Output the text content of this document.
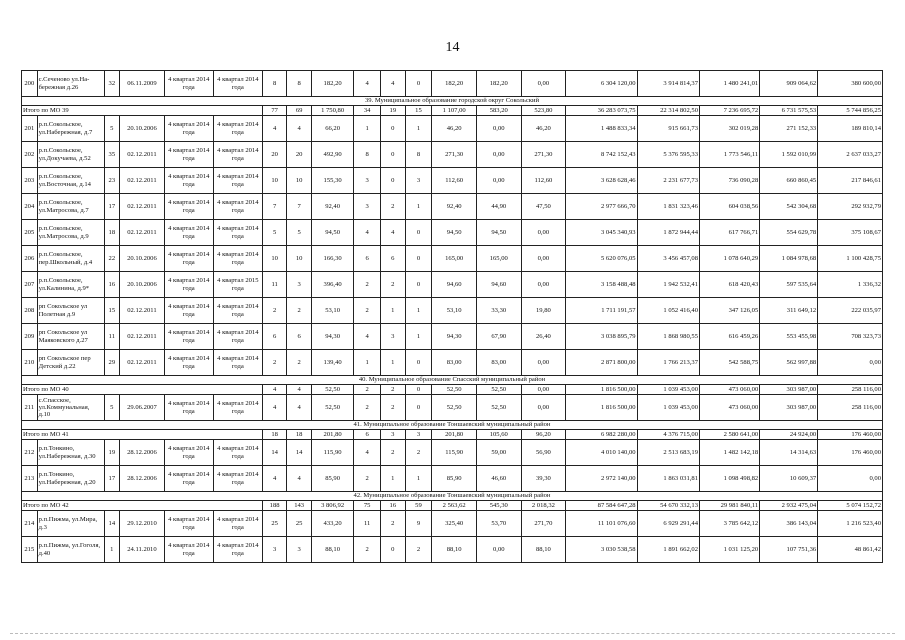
14
200	с.Сеченово ул.На-бережная д.26	32	06.11.2009	4 квартал 2014 года	4 квартал 2014 года	8	8	182,20	4	4	0	182,20	182,20	0,00	6 304 120,00	3 914 814,37	1 480 241,01	909 064,62	380 600,00
39. Муниципальное образование городской округ Сокольский																			
Итого по МО 39						77	69	1 750,80	34	19	15	1 107,00	583,20	523,80	36 283 073,75	22 314 802,50	7 236 695,72	6 731 575,53	5 744 856,25
201	р.п.Сокольское, ул.Набережная, д.7	5	20.10.2006	4 квартал 2014 года	4 квартал 2014 года	4	4	66,20	1	0	1	46,20	0,00	46,20	1 488 833,34	915 661,73	302 019,28	271 152,33	189 810,14
202	р.п.Сокольское, ул.Докучаева, д.52	35	02.12.2011	4 квартал 2014 года	4 квартал 2014 года	20	20	492,90	8	0	8	271,30	0,00	271,30	8 742 152,43	5 376 595,33	1 773 546,11	1 592 010,99	2 637 033,27
203	р.п.Сокольское, ул.Восточная, д.14	23	02.12.2011	4 квартал 2014 года	4 квартал 2014 года	10	10	155,30	3	0	3	112,60	0,00	112,60	3 628 628,46	2 231 677,73	736 090,28	660 860,45	217 846,61
204	р.п.Сокольское, ул.Матросова, д.7	17	02.12.2011	4 квартал 2014 года	4 квартал 2014 года	7	7	92,40	3	2	1	92,40	44,90	47,50	2 977 666,70	1 831 323,46	604 038,56	542 304,68	292 932,79
205	р.п.Сокольское, ул.Матросова, д.9	18	02.12.2011	4 квартал 2014 года	4 квартал 2014 года	5	5	94,50	4	4	0	94,50	94,50	0,00	3 045 340,93	1 872 944,44	617 766,71	554 629,78	375 108,67
206	р.п.Сокольское, пер.Школьный, д.4	22	20.10.2006	4 квартал 2014 года	4 квартал 2014 года	10	10	166,30	6	6	0	165,00	165,00	0,00	5 620 076,05	3 456 457,08	1 078 640,29	1 084 978,68	1 100 428,75
207	р.п.Сокольское, ул.Калинина, д.9*	16	20.10.2006	4 квартал 2014 года	4 квартал 2015 года	11	3	396,40	2	2	0	94,60	94,60	0,00	3 158 488,48	1 942 532,41	618 420,43	597 535,64	1 336,32
208	рп Сокольское ул Полетная д.9	15	02.12.2011	4 квартал 2014 года	4 квартал 2014 года	2	2	53,10	2	1	1	53,10	33,30	19,80	1 711 191,57	1 052 416,40	347 126,05	311 649,12	222 035,97
209	рп Сокольское ул Маяковского д.27	11	02.12.2011	4 квартал 2014 года	4 квартал 2014 года	6	6	94,30	4	3	1	94,30	67,90	26,40	3 038 895,79	1 868 980,55	616 459,26	553 455,98	708 323,73
210	рп Сокольское пер Детский д.22	29	02.12.2011	4 квартал 2014 года	4 квартал 2014 года	2	2	139,40	1	1	0	83,00	83,00	0,00	2 871 800,00	1 766 213,37	542 588,75	562 997,88	0,00
40. Муниципальное образование Спасский муниципальный район																			
Итого по МО 40						4	4	52,50	2	2	0	52,50	52,50	0,00	1 816 500,00	1 039 453,00	473 060,00	303 987,00	258 116,00
211	с.Спасское, ул.Коммунальная, д.10	5	29.06.2007	4 квартал 2014 года	4 квартал 2014 года	4	4	52,50	2	2	0	52,50	52,50	0,00	1 816 500,00	1 039 453,00	473 060,00	303 987,00	258 116,00
41. Муниципальное образование Тоншаевский муниципальный район																			
Итого по МО 41						18	18	201,80	6	3	3	201,80	105,60	96,20	6 982 280,00	4 376 715,00	2 580 641,00	24 924,00	176 460,00
212	р.п.Тонкино, ул.Набережная, д.30	19	28.12.2006	4 квартал 2014 года	4 квартал 2014 года	14	14	115,90	4	2	2	115,90	59,00	56,90	4 010 140,00	2 513 683,19	1 482 142,18	14 314,63	176 460,00
213	р.п.Тонкино, ул.Набережная, д.20	17	28.12.2006	4 квартал 2014 года	4 квартал 2014 года	4	4	85,90	2	1	1	85,90	46,60	39,30	2 972 140,00	1 863 031,81	1 098 498,82	10 609,37	0,00
42. Муниципальное образование Тоншаевский муниципальный район																			
Итого по МО 42						188	143	3 806,92	75	16	59	2 563,62	545,30	2 018,32	87 584 647,28	54 670 332,13	29 981 840,11	2 932 475,04	5 074 152,72
214	р.п.Пижма, ул.Мира, д.3	14	29.12.2010	4 квартал 2014 года	4 квартал 2014 года	25	25	433,20	11	2	9	325,40	53,70	271,70	11 101 076,60	6 929 291,44	3 785 642,12	386 143,04	1 216 523,40
215	р.п.Пижма, ул.Гоголя, д.40	1	24.11.2010	4 квартал 2014 года	4 квартал 2014 года	3	3	88,10	2	0	2	88,10	0,00	88,10	3 030 538,58	1 891 662,02	1 031 125,20	107 751,36	48 861,42
